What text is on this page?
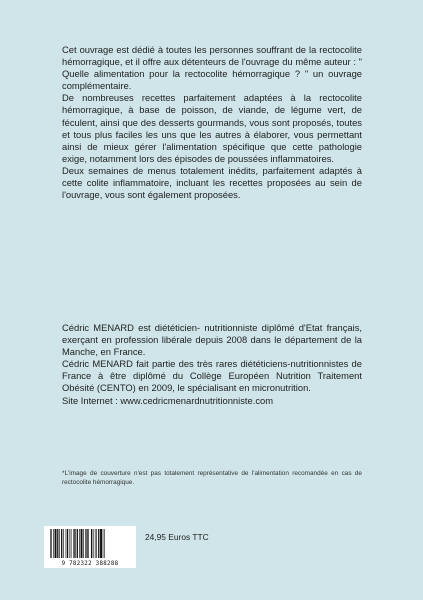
Cet ouvrage est dédié à toutes les personnes souffrant de la rectocolite hémorragique, et il offre aux détenteurs de l'ouvrage du même auteur : " Quelle alimentation pour la rectocolite hémorragique ? " un ouvrage complémentaire.

De nombreuses recettes parfaitement adaptées à la rectocolite hémorragique, à base de poisson, de viande, de légume vert, de féculent, ainsi que des desserts gourmands, vous sont proposés, toutes et tous plus faciles les uns que les autres à élaborer, vous permettant ainsi de mieux gérer l'alimentation spécifique que cette pathologie exige, notamment lors des épisodes de poussées inflammatoires.

Deux semaines de menus totalement inédits, parfaitement adaptés à cette colite inflammatoire, incluant les recettes proposées au sein de l'ouvrage, vous sont également proposées.

Cédric MENARD est diététicien- nutritionniste diplômé d'Etat français, exerçant en profession libérale depuis 2008 dans le département de la Manche, en France.

Cédric MENARD fait partie des très rares diététiciens-nutritionnistes de France à être diplômé du Collège Européen Nutrition Traitement Obésité (CENTO) en 2009, le spécialisant en micronutrition.

Site Internet : www.cedricmenardnutritionniste.com

*L'image de couverture n'est pas totalement représentative de l'alimentation recomandée en cas de rectocolite hémorragique.
9 782322 388288
24,95 Euros TTC
